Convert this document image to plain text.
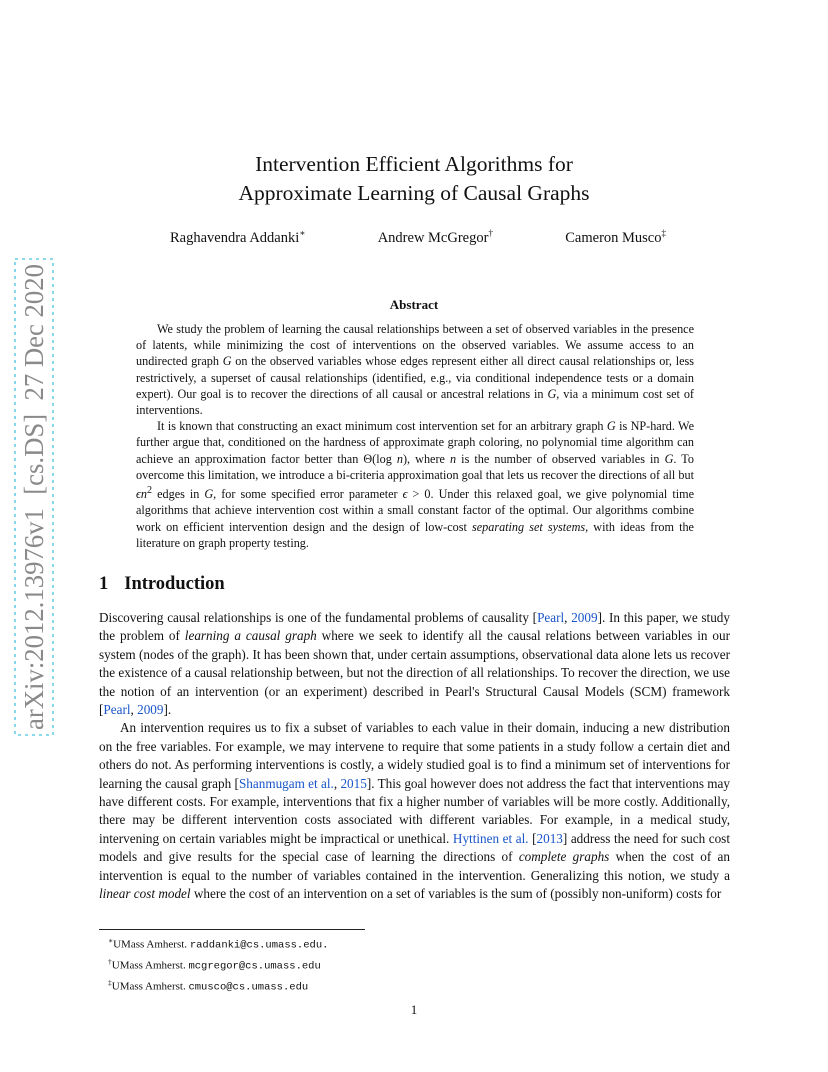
arXiv:2012.13976v1  [cs.DS]  27 Dec 2020
Intervention Efficient Algorithms for
Approximate Learning of Causal Graphs
Raghavendra Addanki∗	Andrew McGregor†	Cameron Musco‡
Abstract

We study the problem of learning the causal relationships between a set of observed variables in the presence of latents, while minimizing the cost of interventions on the observed variables. We assume access to an undirected graph G on the observed variables whose edges represent either all direct causal relationships or, less restrictively, a superset of causal relationships (identified, e.g., via conditional independence tests or a domain expert). Our goal is to recover the directions of all causal or ancestral relations in G, via a minimum cost set of interventions.

It is known that constructing an exact minimum cost intervention set for an arbitrary graph G is NP-hard. We further argue that, conditioned on the hardness of approximate graph coloring, no polynomial time algorithm can achieve an approximation factor better than Θ(log n), where n is the number of observed variables in G. To overcome this limitation, we introduce a bi-criteria approximation goal that lets us recover the directions of all but $\epsilon n^2$ edges in G, for some specified error parameter ϵ > 0. Under this relaxed goal, we give polynomial time algorithms that achieve intervention cost within a small constant factor of the optimal. Our algorithms combine work on efficient intervention design and the design of low-cost separating set systems, with ideas from the literature on graph property testing.

1 Introduction

Discovering causal relationships is one of the fundamental problems of causality [Pearl, 2009]. In this paper, we study the problem of learning a causal graph where we seek to identify all the causal relations between variables in our system (nodes of the graph). It has been shown that, under certain assumptions, observational data alone lets us recover the existence of a causal relationship between, but not the direction of all relationships. To recover the direction, we use the notion of an intervention (or an experiment) described in Pearl's Structural Causal Models (SCM) framework [Pearl, 2009].

An intervention requires us to fix a subset of variables to each value in their domain, inducing a new distribution on the free variables. For example, we may intervene to require that some patients in a study follow a certain diet and others do not. As performing interventions is costly, a widely studied goal is to find a minimum set of interventions for learning the causal graph [Shanmugam et al., 2015]. This goal however does not address the fact that interventions may have different costs. For example, interventions that fix a higher number of variables will be more costly. Additionally, there may be different intervention costs associated with different variables. For example, in a medical study, intervening on certain variables might be impractical or unethical. Hyttinen et al. [2013] address the need for such cost models and give results for the special case of learning the directions of complete graphs when the cost of an intervention is equal to the number of variables contained in the intervention. Generalizing this notion, we study a linear cost model where the cost of an intervention on a set of variables is the sum of (possibly non-uniform) costs for

∗UMass Amherst. raddanki@cs.umass.edu.
†UMass Amherst. mcgregor@cs.umass.edu
‡UMass Amherst. cmusco@cs.umass.edu
1
